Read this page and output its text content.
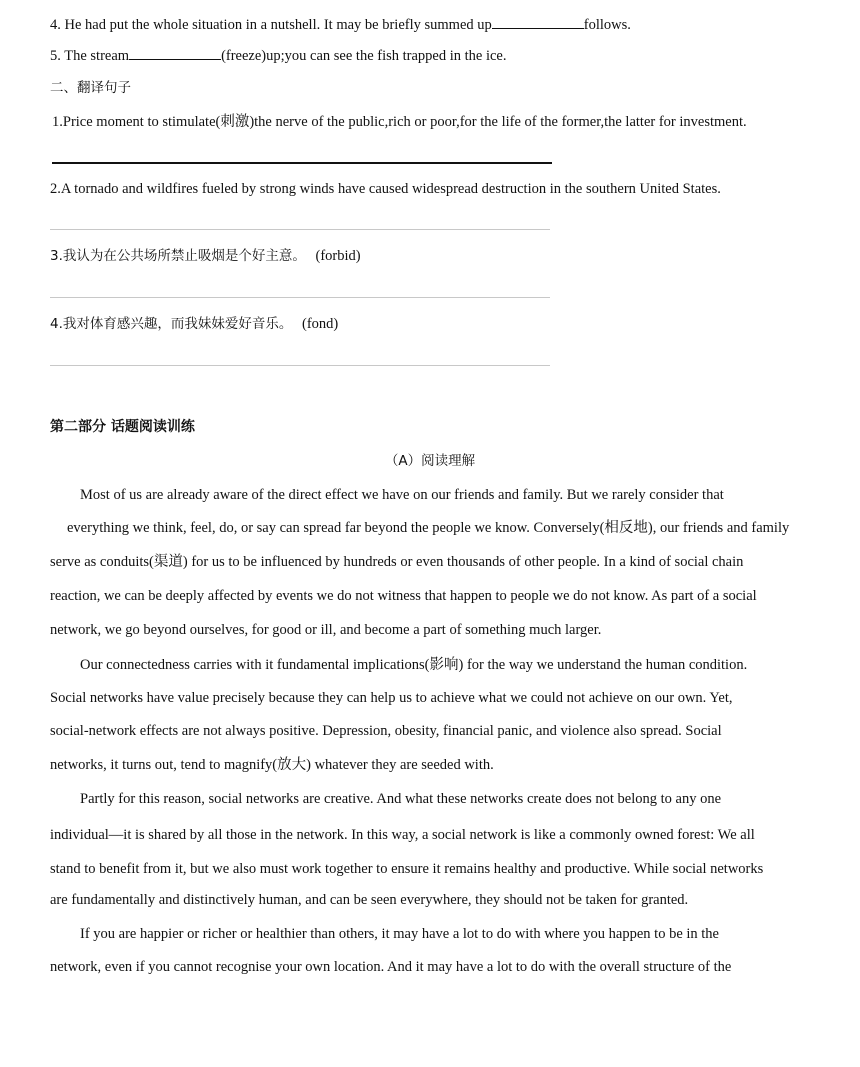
4. He had put the whole situation in a nutshell. It may be briefly summed up	follows.
5. The stream	(freeze)up;you can see the fish trapped in the ice.
二、翻译句子
1.Price moment to stimulate(刺激)the nerve of the public,rich or poor,for the life of the former,the latter for investment.
2.A tornado and wildfires fueled by strong winds have caused widespread destruction in the southern United States.
3.我认为在公共场所禁止吸烟是个好主意。 (forbid)
4.我对体育感兴趣，而我妹妹爱好音乐。 (fond)
第二部分 话题阅读训练
（A）阅读理解
Most of us are already aware of the direct effect we have on our friends and family. But we rarely consider that
everything we think, feel, do, or say can spread far beyond the people we know. Conversely(相反地), our friends and family
serve as conduits(渠道) for us to be influenced by hundreds or even thousands of other people. In a kind of social chain
reaction, we can be deeply affected by events we do not witness that happen to people we do not know. As part of a social
network, we go beyond ourselves, for good or ill, and become a part of something much larger.
Our connectedness carries with it fundamental implications(影响) for the way we understand the human condition.
Social networks have value precisely because they can help us to achieve what we could not achieve on our own. Yet,
social-network effects are not always positive. Depression, obesity, financial panic, and violence also spread. Social
networks, it turns out, tend to magnify(放大) whatever they are seeded with.
Partly for this reason, social networks are creative. And what these networks create does not belong to any one
individual—it is shared by all those in the network. In this way, a social network is like a commonly owned forest: We all
stand to benefit from it, but we also must work together to ensure it remains healthy and productive. While social networks
are fundamentally and distinctively human, and can be seen everywhere, they should not be taken for granted.
If you are happier or richer or healthier than others, it may have a lot to do with where you happen to be in the
network, even if you cannot recognise your own location. And it may have a lot to do with the overall structure of the
